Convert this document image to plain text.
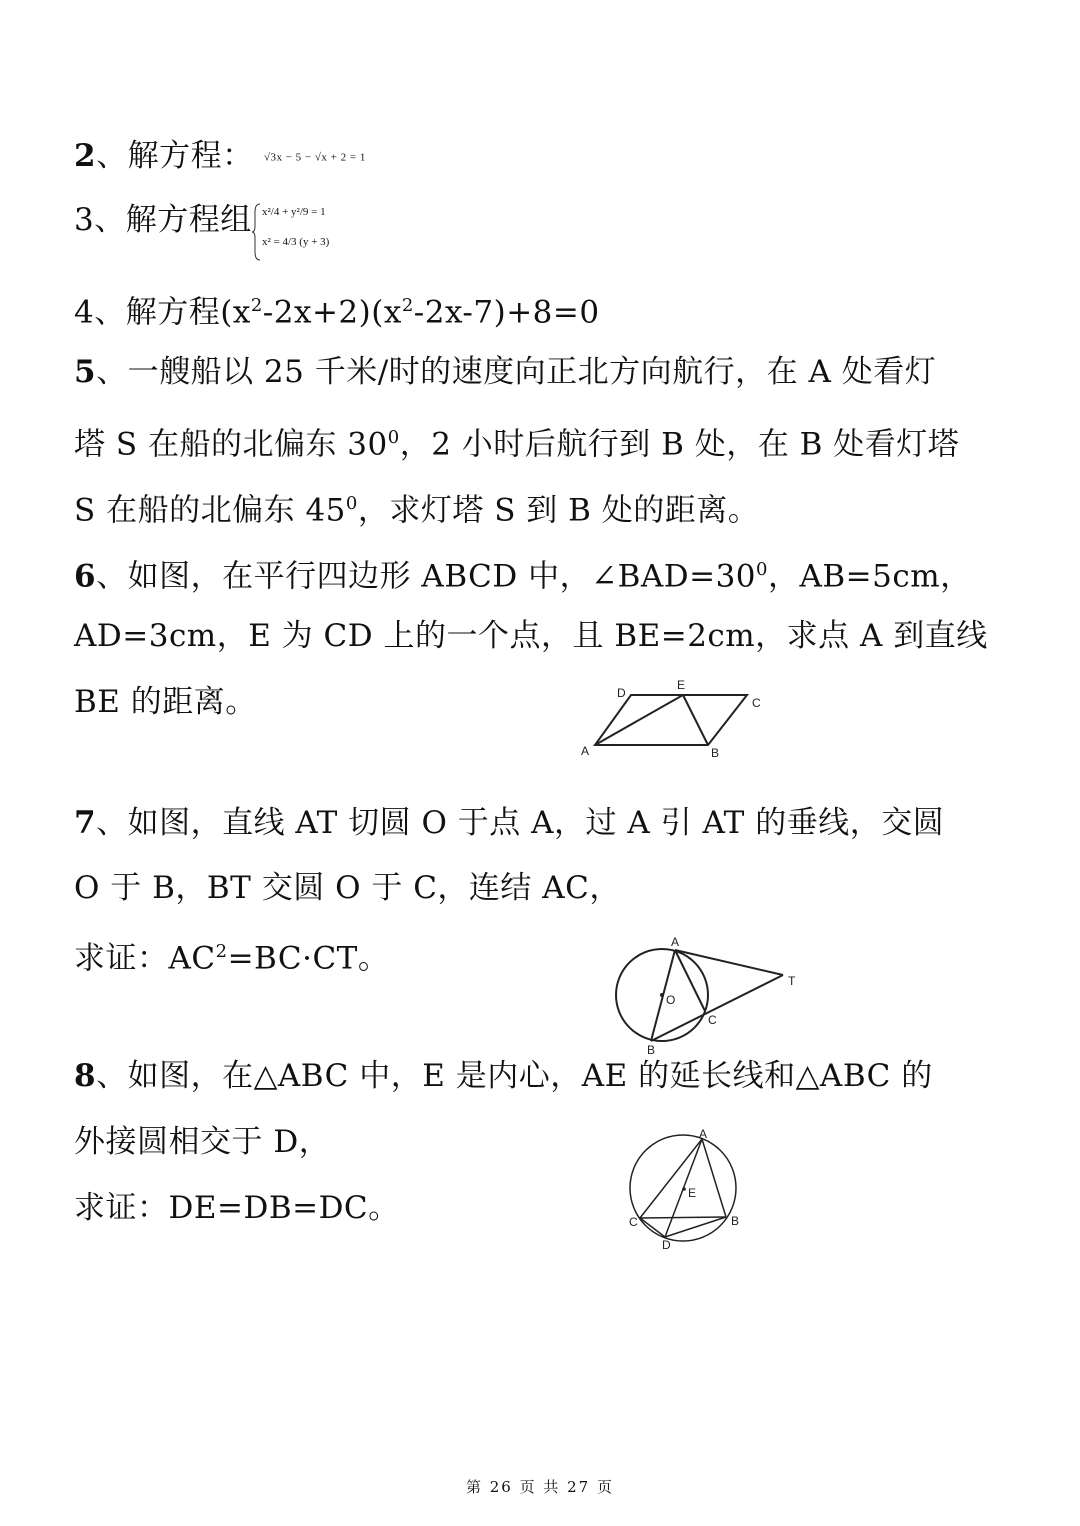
2、解方程： √3x − 5 − √x + 2 = 1
3、解方程组 x²/4 + y²/9 = 1
x² = 4/3 (y + 3)
4、解方程$(x^2-2x+2)(x^2-2x-7)+8=0$
5、一艘船以 25 千米/时的速度向正北方向航行，在 A 处看灯
塔 S 在船的北偏东 $30^0$，2 小时后航行到 B 处，在 B 处看灯塔
S 在船的北偏东 $45^0$，求灯塔 S 到 B 处的距离。
6、如图，在平行四边形 ABCD 中，$\angle BAD=30^0$，AB=5cm，
AD=3cm，E 为 CD 上的一个点，且 BE=2cm，求点 A 到直线
BE 的距离。
A	B
C
D
E
7、如图，直线 AT 切圆 O 于点 A，过 A 引 AT 的垂线，交圆
O 于 B，BT 交圆 O 于 C，连结 AC，
求证：$AC^2=BC\cdot CT$。	A
B
C
O
T
8、如图，在△ABC 中，E 是内心，AE 的延长线和△ABC 的
外接圆相交于 D，
求证：DE=DB=DC。
A
B
C
D
E
第 26 页 共 27 页
